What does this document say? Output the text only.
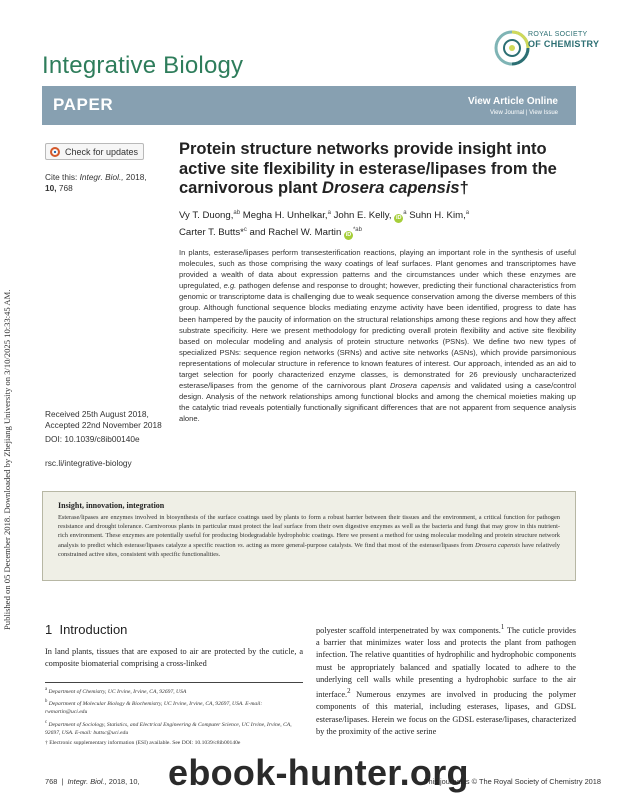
Published on 05 December 2018. Downloaded by Zhejiang University on 3/10/2025 10:33:45 AM.
Integrative Biology
ROYAL SOCIETY
OF CHEMISTRY
PAPER	View Article Online
View Journal | View Issue
Check for updates
Cite this: Integr. Biol., 2018,
10, 768
Received 25th August 2018,
Accepted 22nd November 2018
DOI: 10.1039/c8ib00140e
rsc.li/integrative-biology
Protein structure networks provide insight into active site flexibility in esterase/lipases from the carnivorous plant Drosera capensis†
Vy T. Duong,$^{ab}$ Megha H. Unhelkar,$^a$ John E. Kelly, $iD^a$ Suhn H. Kim,$^a$
Carter T. Butts*$^c$ and Rachel W. Martin $iD^{*ab}$
In plants, esterase/lipases perform transesterification reactions, playing an important role in the synthesis of useful molecules, such as those comprising the waxy coatings of leaf surfaces. Plant genomes and transcriptomes have provided a wealth of data about expression patterns and the circumstances under which these enzymes are upregulated, e.g. pathogen defense and response to drought; however, predicting their functional characteristics from genomic or transcriptome data is challenging due to weak sequence conservation among the diverse members of this group. Although functional sequence blocks mediating enzyme activity have been identified, progress to date has been hampered by the paucity of information on the structural relationships among these regions and how they affect substrate specificity. Here we present methodology for predicting overall protein flexibility and active site flexibility based on molecular modeling and analysis of protein structure networks (PSNs). We define two new types of specialized PSNs: sequence region networks (SRNs) and active site networks (ASNs), which provide parsimonious representations of molecular structure in reference to known features of interest. Our approach, intended as an aid to target selection for poorly characterized enzyme classes, is demonstrated for 26 previously uncharacterized esterase/lipases from the genome of the carnivorous plant Drosera capensis and validated using a case/control design. Analysis of the network relationships among functional blocks and among the chemical moieties making up the catalytic triad reveals potentially functionally significant differences that are not apparent from sequence analysis alone.
Insight, innovation, integration
Esterase/lipases are enzymes involved in biosynthesis of the surface coatings used by plants to form a robust barrier between their tissues and the environment, a critical function for pathogen resistance and drought tolerance. Carnivorous plants in particular must protect the leaf surface from their own digestive enzymes as well as the bacteria and fungi that may grow in this nutrient-rich environment. These enzymes are potentially useful for producing biodegradable hydrophobic coatings. Here we present a method for using molecular modeling and protein structure network analysis to predict which esterase/lipases catalyze a specific reaction vs. acting as more general-purpose catalysts. We find that most of the esterase/lipases from Drosera capensis have relatively constrained active sites, consistent with specific functionalities.
1 Introduction
In land plants, tissues that are exposed to air are protected by the cuticle, a composite biomaterial comprising a cross-linked

$^a$ Department of Chemistry, UC Irvine, Irvine, CA, 92697, USA

$^b$ Department of Molecular Biology & Biochemistry, UC Irvine, Irvine, CA, 92697, USA. E-mail: rwmartin@uci.edu

$^c$ Department of Sociology, Statistics, and Electrical Engineering & Computer Science, UC Irvine, Irvine, CA, 92697, USA. E-mail: buttsc@uci.edu

† Electronic supplementary information (ESI) available. See DOI: 10.1039/c8ib00140e

polyester scaffold interpenetrated by wax components.$^1$ The cuticle provides a barrier that minimizes water loss and protects the plant from pathogen infection. The relative quantities of hydrophilic and hydrophobic components must be appropriately balanced and spatially located to adhere to the underlying cell walls while presenting a hydrophobic surface to the air interface.$^2$ Numerous enzymes are involved in producing the polymer components of this material, including esterases, lipases, and GDSL esterase/lipases. Herein we focus on the GDSL esterase/lipases, characterized by the proximity of the active serine
768 | Integr. Biol., 2018, 10,	This journal is © The Royal Society of Chemistry 2018
ebook-hunter.org
